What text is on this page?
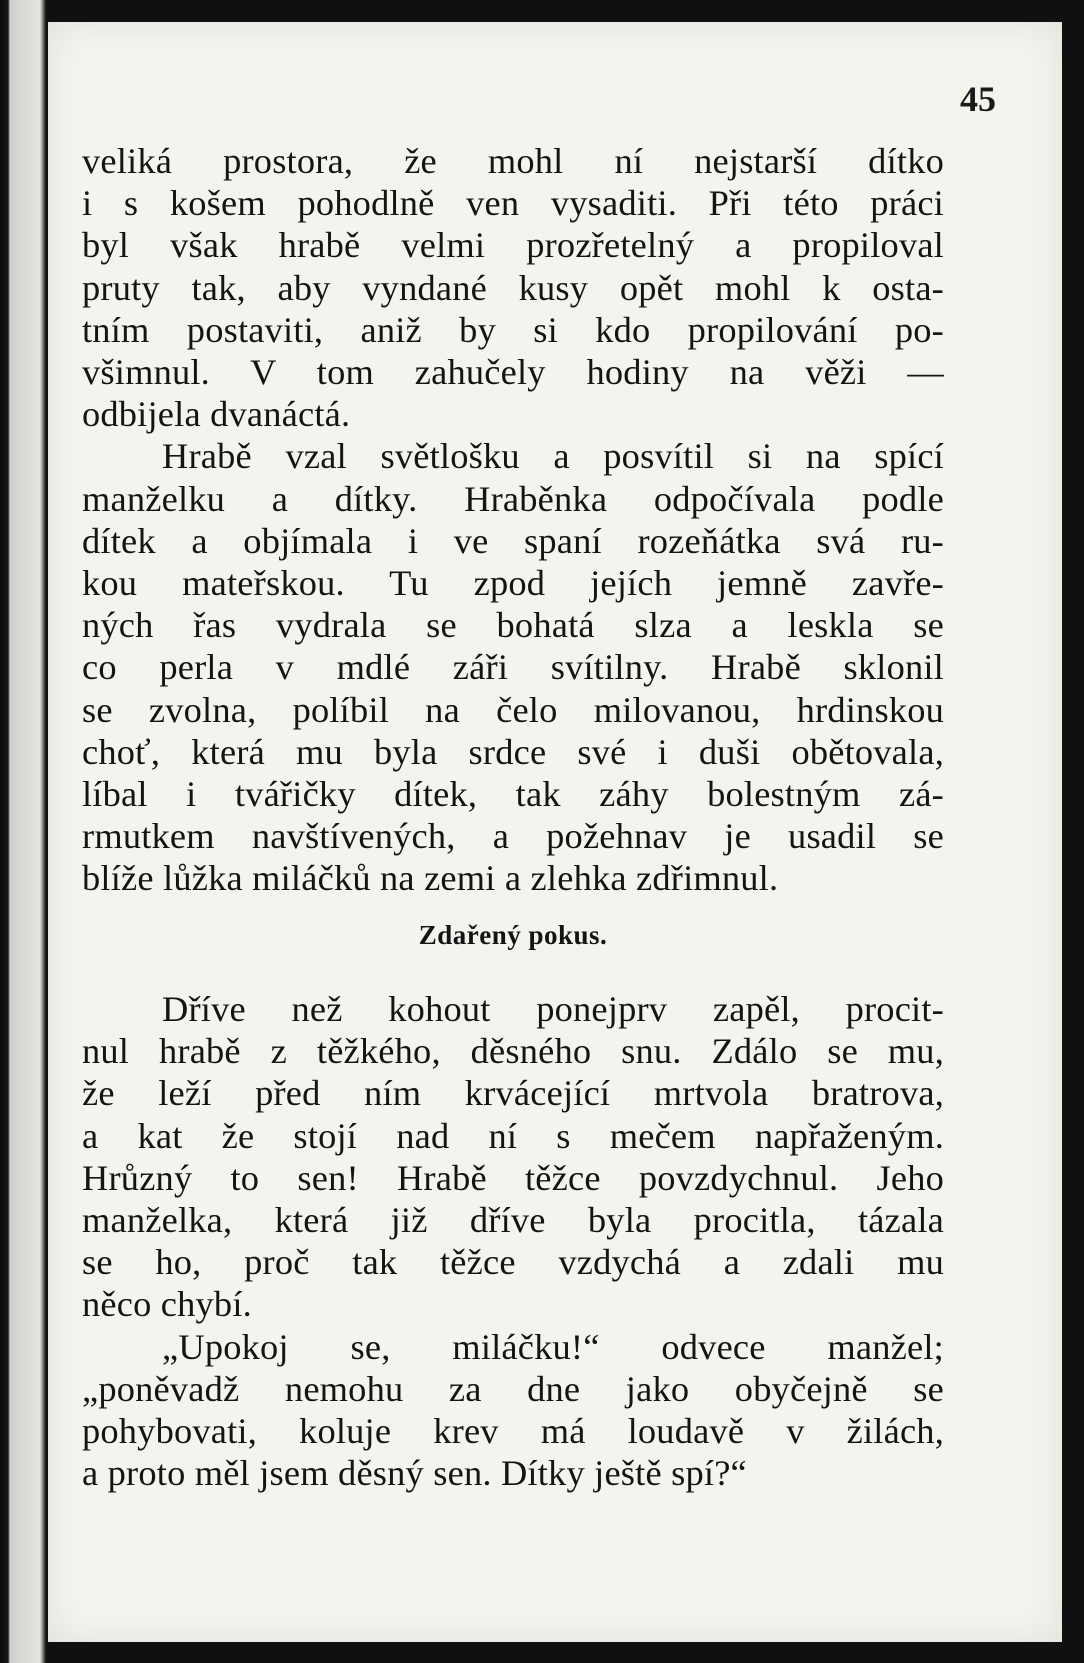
45
veliká prostora, že mohl ní nejstarší dítko
i s košem pohodlně ven vysaditi. Při této práci
byl však hrabě velmi prozřetelný a propiloval
pruty tak, aby vyndané kusy opět mohl k osta-
tním postaviti, aniž by si kdo propilování po-
všimnul. V tom zahučely hodiny na věži —
odbijela dvanáctá.
Hrabě vzal světlošku a posvítil si na spící
manželku a dítky. Hraběnka odpočívala podle
dítek a objímala i ve spaní rozeňátka svá ru-
kou mateřskou. Tu zpod jejích jemně zavře-
ných řas vydrala se bohatá slza a leskla se
co perla v mdlé záři svítilny. Hrabě sklonil
se zvolna, políbil na čelo milovanou, hrdinskou
choť, která mu byla srdce své i duši obětovala,
líbal i tvářičky dítek, tak záhy bolestným zá-
rmutkem navštívených, a požehnav je usadil se
blíže lůžka miláčků na zemi a zlehka zdřimnul.
Zdařený pokus.
Dříve než kohout ponejprv zapěl, procit-
nul hrabě z těžkého, děsného snu. Zdálo se mu,
že leží před ním krvácející mrtvola bratrova,
a kat že stojí nad ní s mečem napřaženým.
Hrůzný to sen! Hrabě těžce povzdychnul. Jeho
manželka, která již dříve byla procitla, tázala
se ho, proč tak těžce vzdychá a zdali mu
něco chybí.
„Upokoj se, miláčku!“ odvece manžel;
„poněvadž nemohu za dne jako obyčejně se
pohybovati, koluje krev má loudavě v žilách,
a proto měl jsem děsný sen. Dítky ještě spí?“
